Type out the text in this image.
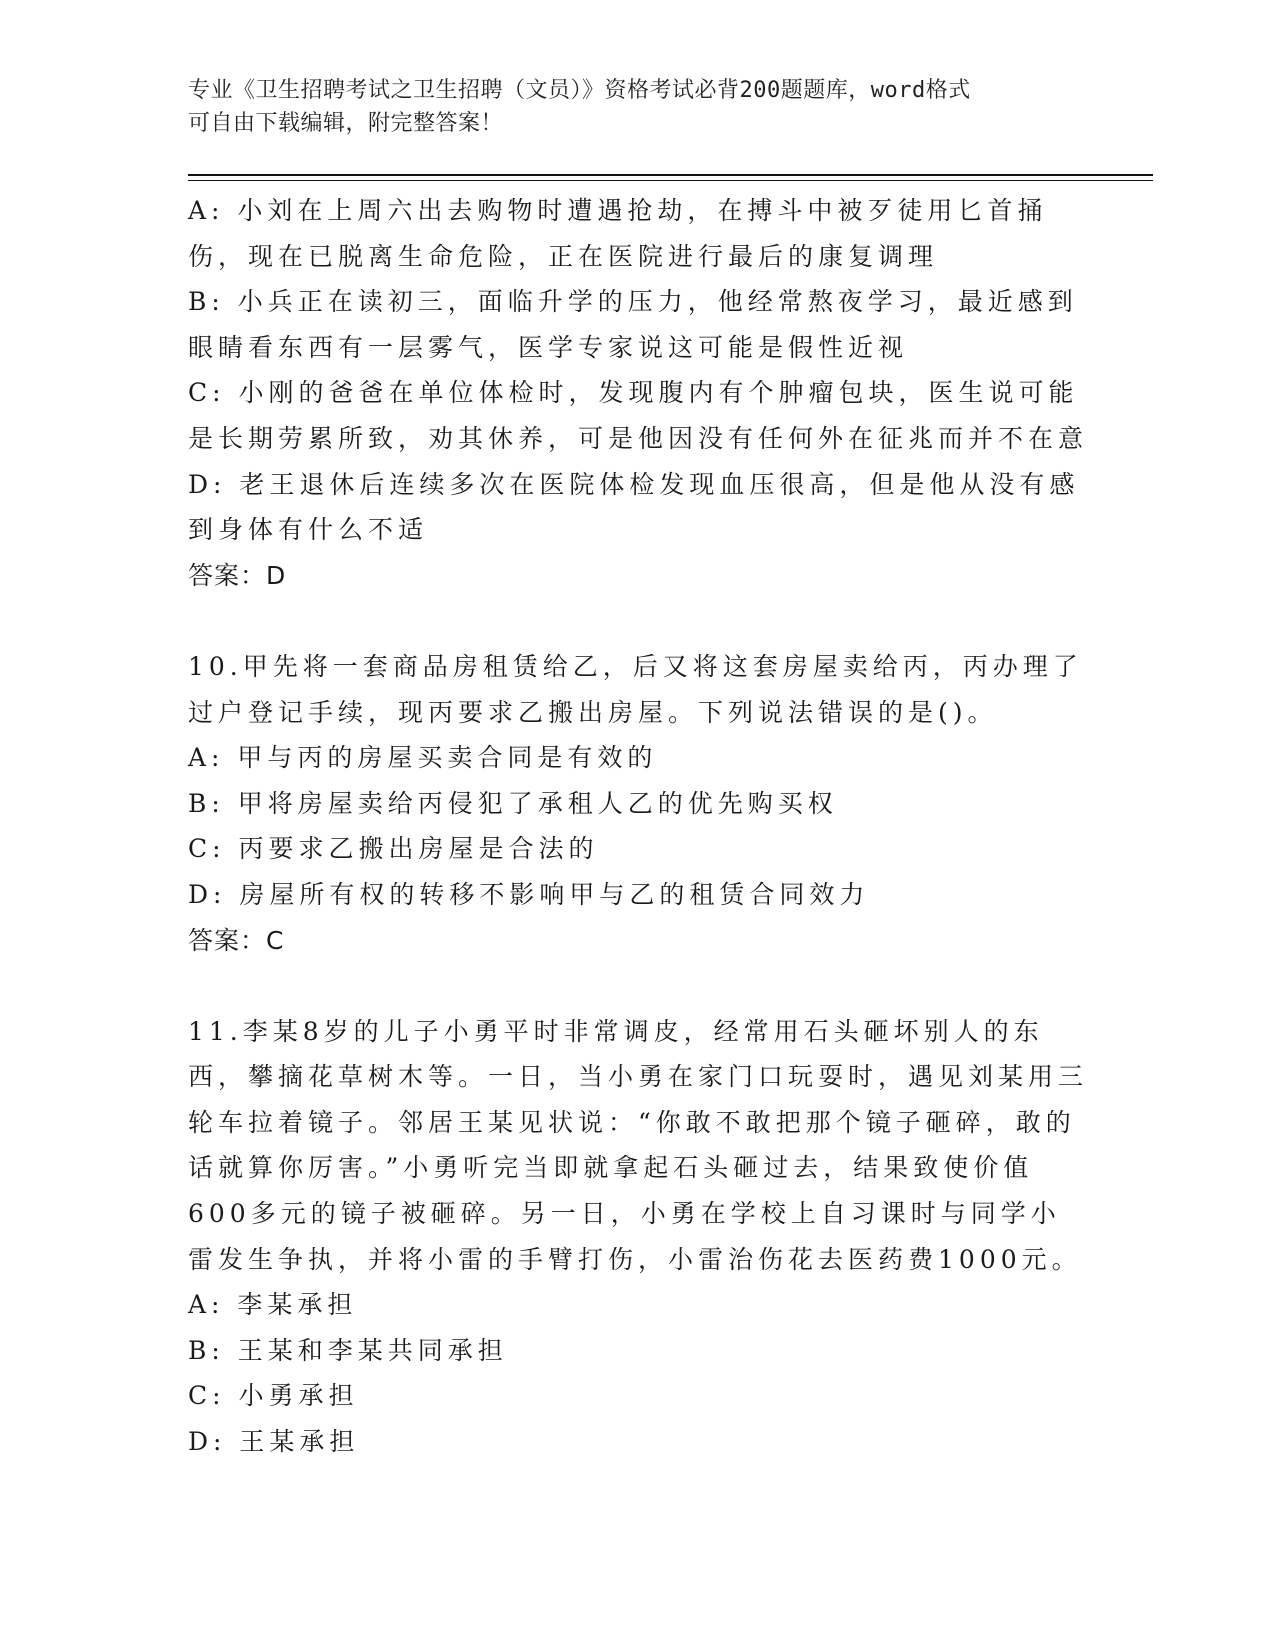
专业《卫生招聘考试之卫生招聘（文员）》资格考试必背200题题库，word格式
可自由下载编辑，附完整答案！

A: 小刘在上周六出去购物时遭遇抢劫，在搏斗中被歹徒用匕首捅伤，现在已脱离生命危险，正在医院进行最后的康复调理

B: 小兵正在读初三，面临升学的压力，他经常熬夜学习，最近感到眼睛看东西有一层雾气，医学专家说这可能是假性近视

C: 小刚的爸爸在单位体检时，发现腹内有个肿瘤包块，医生说可能是长期劳累所致，劝其休养，可是他因没有任何外在征兆而并不在意

D: 老王退休后连续多次在医院体检发现血压很高，但是他从没有感到身体有什么不适

答案：D

10.甲先将一套商品房租赁给乙，后又将这套房屋卖给丙，丙办理了过户登记手续，现丙要求乙搬出房屋。下列说法错误的是()。

A: 甲与丙的房屋买卖合同是有效的

B: 甲将房屋卖给丙侵犯了承租人乙的优先购买权

C: 丙要求乙搬出房屋是合法的

D: 房屋所有权的转移不影响甲与乙的租赁合同效力

答案：C

11.李某8岁的儿子小勇平时非常调皮，经常用石头砸坏别人的东西，攀摘花草树木等。一日，当小勇在家门口玩耍时，遇见刘某用三轮车拉着镜子。邻居王某见状说：“你敢不敢把那个镜子砸碎，敢的话就算你厉害。”小勇听完当即就拿起石头砸过去，结果致使价值600多元的镜子被砸碎。另一日，小勇在学校上自习课时与同学小雷发生争执，并将小雷的手臂打伤，小雷治伤花去医药费1000元。

A: 李某承担

B: 王某和李某共同承担

C: 小勇承担

D: 王某承担
